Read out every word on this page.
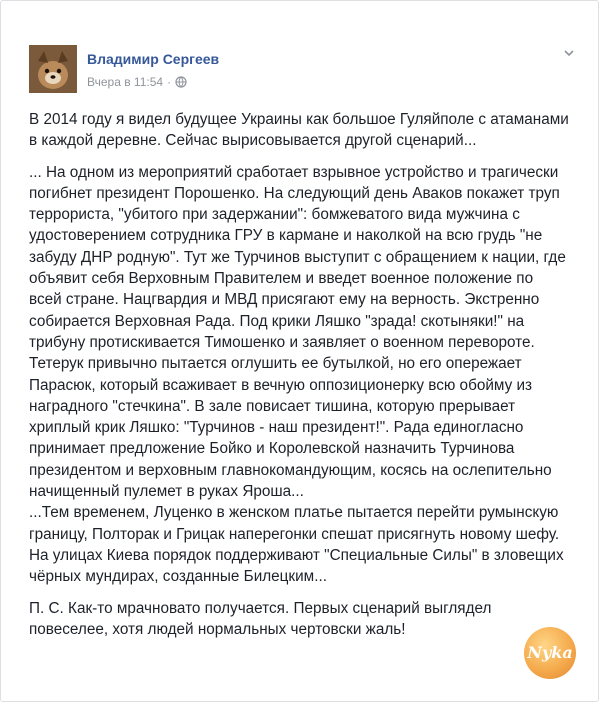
Владимир Сергеев
Вчера в 11:54 ·

В 2014 году я видел будущее Украины как большое Гуляйполе с атаманами в каждой деревне. Сейчас вырисовывается другой сценарий...

... На одном из мероприятий сработает взрывное устройство и трагически погибнет президент Порошенко. На следующий день Аваков покажет труп террориста, "убитого при задержании": бомжеватого вида мужчина с удостоверением сотрудника ГРУ в кармане и наколкой на всю грудь "не забуду ДНР родную". Тут же Турчинов выступит с обращением к нации, где объявит себя Верховным Правителем и введет военное положение по всей стране. Нацгвардия и МВД присягают ему на верность. Экстренно собирается Верховная Рада. Под крики Ляшко "зрада! скотыняки!" на трибуну протискивается Тимошенко и заявляет о военном перевороте. Тетерук привычно пытается оглушить ее бутылкой, но его опережает Парасюк, который всаживает в вечную оппозиционерку всю обойму из наградного "стечкина". В зале повисает тишина, которую прерывает хриплый крик Ляшко: "Турчинов - наш президент!". Рада единогласно принимает предложение Бойко и Королевской назначить Турчинова президентом и верховным главнокомандующим, косясь на ослепительно начищенный пулемет в руках Яроша...

...Тем временем, Луценко в женском платье пытается перейти румынскую границу, Полторак и Грицак наперегонки спешат присягнуть новому шефу. На улицах Киева порядок поддерживают "Специальные Силы" в зловещих чёрных мундирах, созданные Билецким...

П. С. Как-то мрачновато получается. Первых сценарий выглядел повеселее, хотя людей нормальных чертовски жаль!

Nyka
